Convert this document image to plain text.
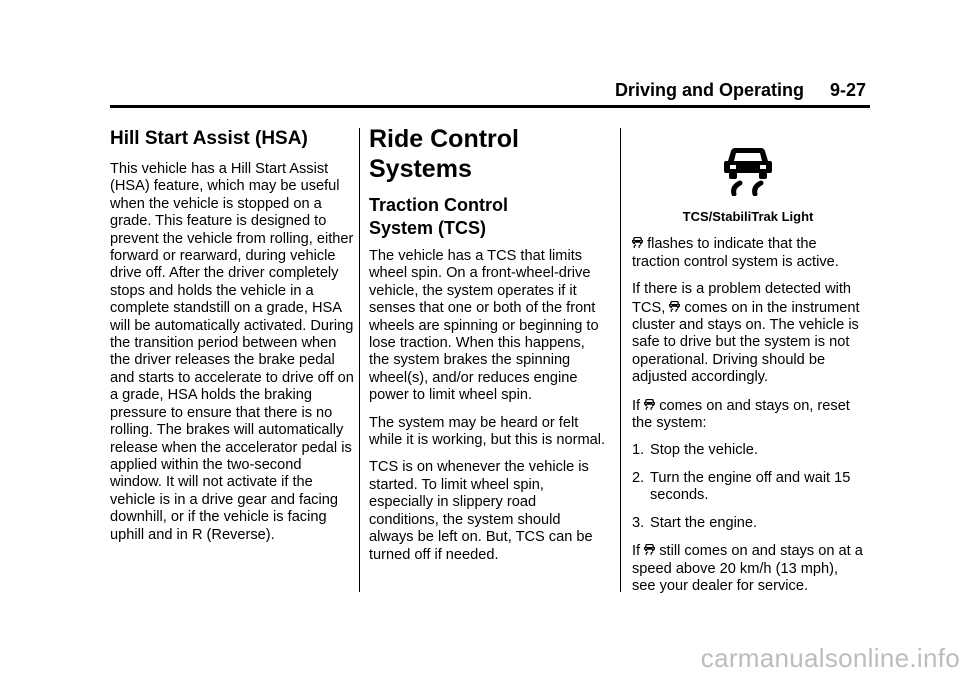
Driving and Operating 9-27
Hill Start Assist (HSA)

This vehicle has a Hill Start Assist (HSA) feature, which may be useful when the vehicle is stopped on a grade. This feature is designed to prevent the vehicle from rolling, either forward or rearward, during vehicle drive off. After the driver completely stops and holds the vehicle in a complete standstill on a grade, HSA will be automatically activated. During the transition period between when the driver releases the brake pedal and starts to accelerate to drive off on a grade, HSA holds the braking pressure to ensure that there is no rolling. The brakes will automatically release when the accelerator pedal is applied within the two-second window. It will not activate if the vehicle is in a drive gear and facing downhill, or if the vehicle is facing uphill and in R (Reverse).

Ride Control Systems
Traction Control System (TCS)

The vehicle has a TCS that limits wheel spin. On a front-wheel-drive vehicle, the system operates if it senses that one or both of the front wheels are spinning or beginning to lose traction. When this happens, the system brakes the spinning wheel(s), and/or reduces engine power to limit wheel spin.

The system may be heard or felt while it is working, but this is normal.

TCS is on whenever the vehicle is started. To limit wheel spin, especially in slippery road conditions, the system should always be left on. But, TCS can be turned off if needed.

TCS/StabiliTrak Light

flashes to indicate that the traction control system is active.

If there is a problem detected with TCS, comes on in the instrument cluster and stays on. The vehicle is safe to drive but the system is not operational. Driving should be adjusted accordingly.

If comes on and stays on, reset the system:

1. Stop the vehicle.
2. Turn the engine off and wait 15 seconds.
3. Start the engine.

If still comes on and stays on at a speed above 20 km/h (13 mph), see your dealer for service.

carmanualsonline.info
